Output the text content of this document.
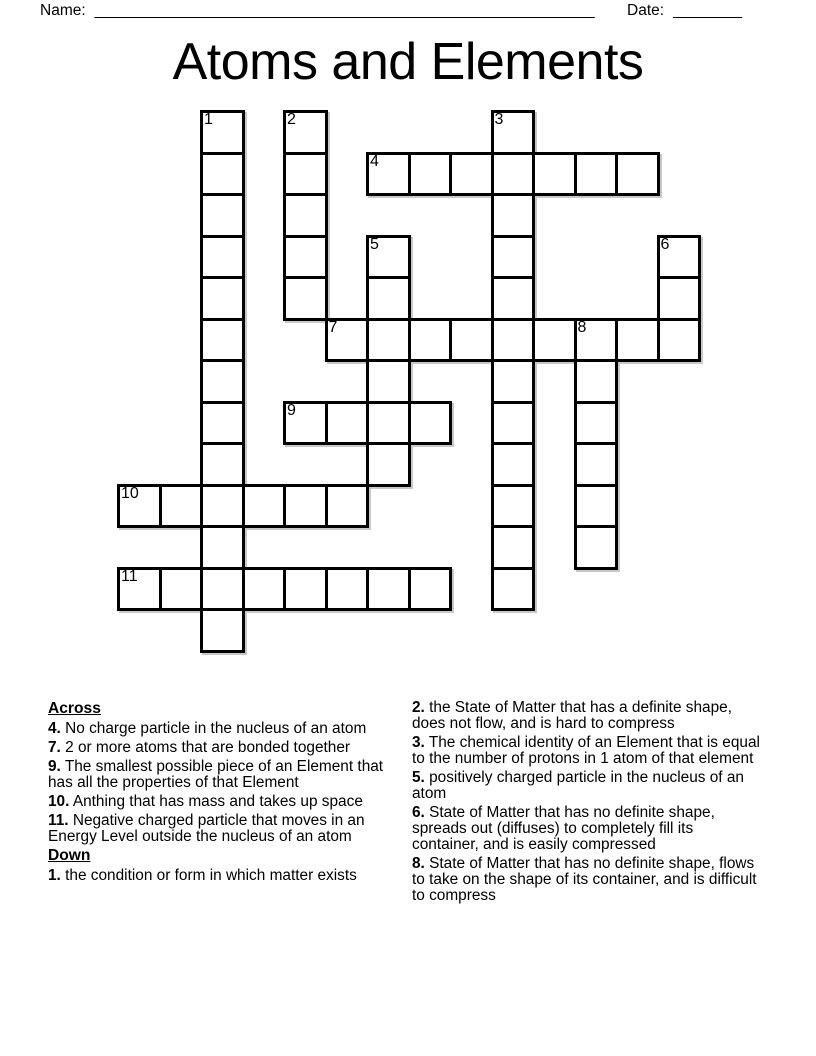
Name: __________________________________________________________ Date: ________
Atoms and Elements
1	2	3
4
5	6
7	8
9
10
11
Across

4. No charge particle in the nucleus of an atom

7. 2 or more atoms that are bonded together

9. The smallest possible piece of an Element that has all the properties of that Element

10. Anthing that has mass and takes up space

11. Negative charged particle that moves in an Energy Level outside the nucleus of an atom

Down

1. the condition or form in which matter exists

2. the State of Matter that has a definite shape, does not flow, and is hard to compress

3. The chemical identity of an Element that is equal to the number of protons in 1 atom of that element

5. positively charged particle in the nucleus of an atom

6. State of Matter that has no definite shape, spreads out (diffuses) to completely fill its container, and is easily compressed

8. State of Matter that has no definite shape, flows to take on the shape of its container, and is difficult to compress
